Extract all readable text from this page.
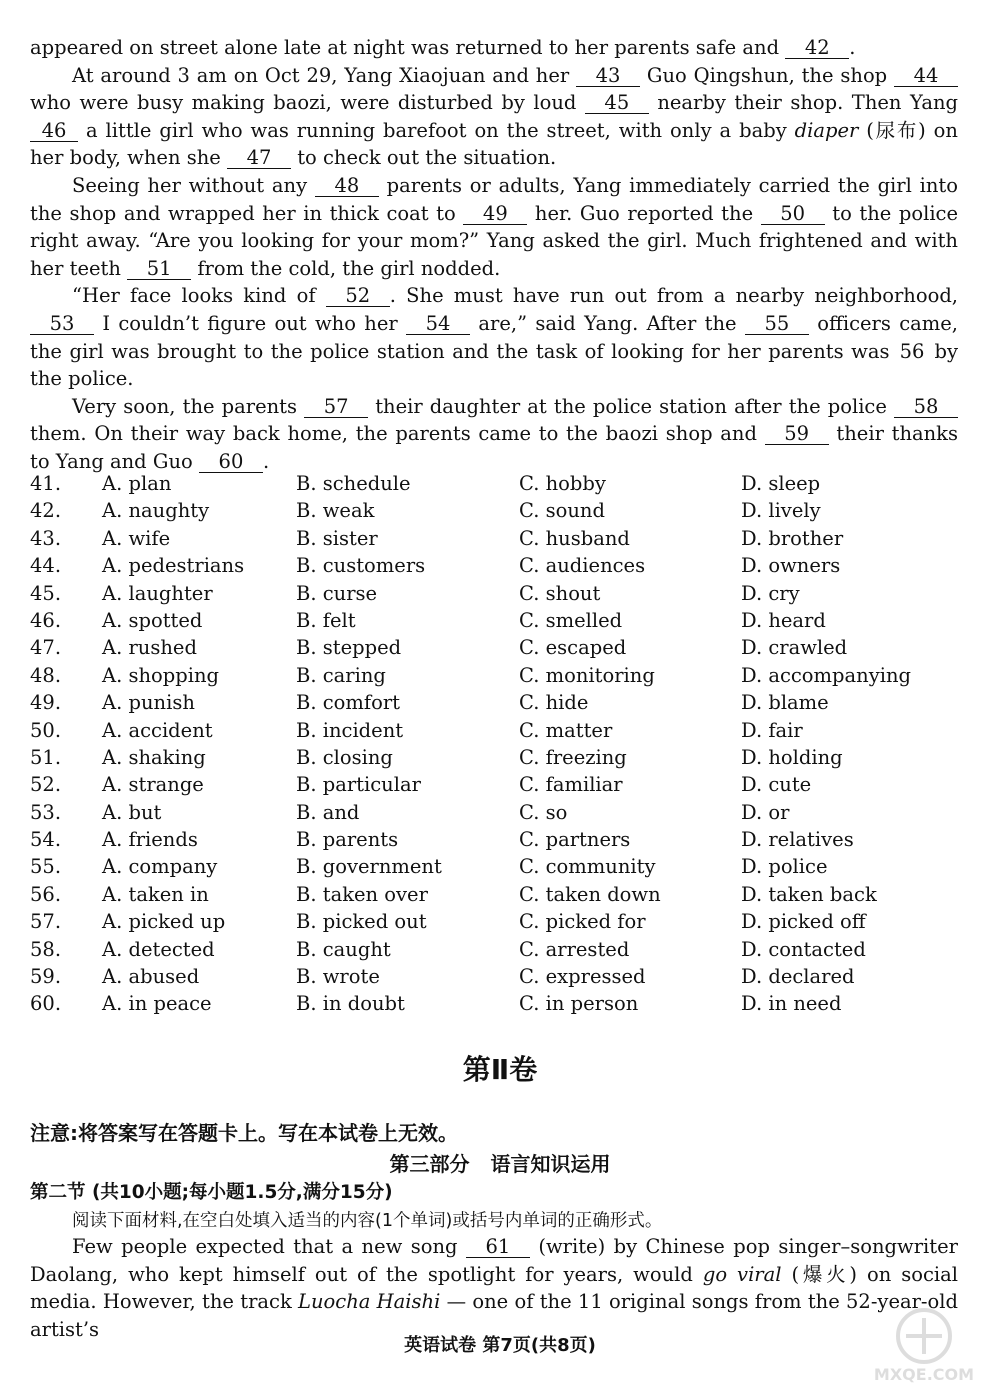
appeared on street alone late at night was returned to her parents safe and 42 .

At around 3 am on Oct 29, Yang Xiaojuan and her 43 Guo Qingshun, the shop 44 who were busy making baozi, were disturbed by loud 45 nearby their shop. Then Yang 46 a little girl who was running barefoot on the street, with only a baby diaper (尿布) on her body, when she 47 to check out the situation.

Seeing her without any 48 parents or adults, Yang immediately carried the girl into the shop and wrapped her in thick coat to 49 her. Guo reported the 50 to the police right away. “Are you looking for your mom?” Yang asked the girl. Much frightened and with her teeth 51 from the cold, the girl nodded.

“Her face looks kind of 52 . She must have run out from a nearby neighborhood, 53 I couldn’t figure out who her 54 are,” said Yang. After the 55 officers came, the girl was brought to the police station and the task of looking for her parents was 56 by the police.

Very soon, the parents 57 their daughter at the police station after the police 58 them. On their way back home, the parents came to the baozi shop and 59 their thanks to Yang and Guo 60 .

41. A. plan	B. schedule	C. hobby	D. sleep
42. A. naughty	B. weak	C. sound	D. lively
43. A. wife	B. sister	C. husband	D. brother
44. A. pedestrians	B. customers	C. audiences	D. owners
45. A. laughter	B. curse	C. shout	D. cry
46. A. spotted	B. felt	C. smelled	D. heard
47. A. rushed	B. stepped	C. escaped	D. crawled
48. A. shopping	B. caring	C. monitoring	D. accompanying
49. A. punish	B. comfort	C. hide	D. blame
50. A. accident	B. incident	C. matter	D. fair
51. A. shaking	B. closing	C. freezing	D. holding
52. A. strange	B. particular	C. familiar	D. cute
53. A. but	B. and	C. so	D. or
54. A. friends	B. parents	C. partners	D. relatives
55. A. company	B. government	C. community	D. police
56. A. taken in	B. taken over	C. taken down	D. taken back
57. A. picked up	B. picked out	C. picked for	D. picked off
58. A. detected	B. caught	C. arrested	D. contacted
59. A. abused	B. wrote	C. expressed	D. declared
60. A. in peace	B. in doubt	C. in person	D. in need
第Ⅱ卷
注意:将答案写在答题卡上。写在本试卷上无效。
第三部分 语言知识运用
第二节 (共10小题;每小题1.5分,满分15分)
阅读下面材料,在空白处填入适当的内容(1个单词)或括号内单词的正确形式。

Few people expected that a new song 61 (write) by Chinese pop singer–songwriter Daolang, who kept himself out of the spotlight for years, would go viral (爆火) on social media. However, the track Luocha Haishi — one of the 11 original songs from the 52-year-old artist’s

英语试卷 第7页(共8页)
MXQE.COM
